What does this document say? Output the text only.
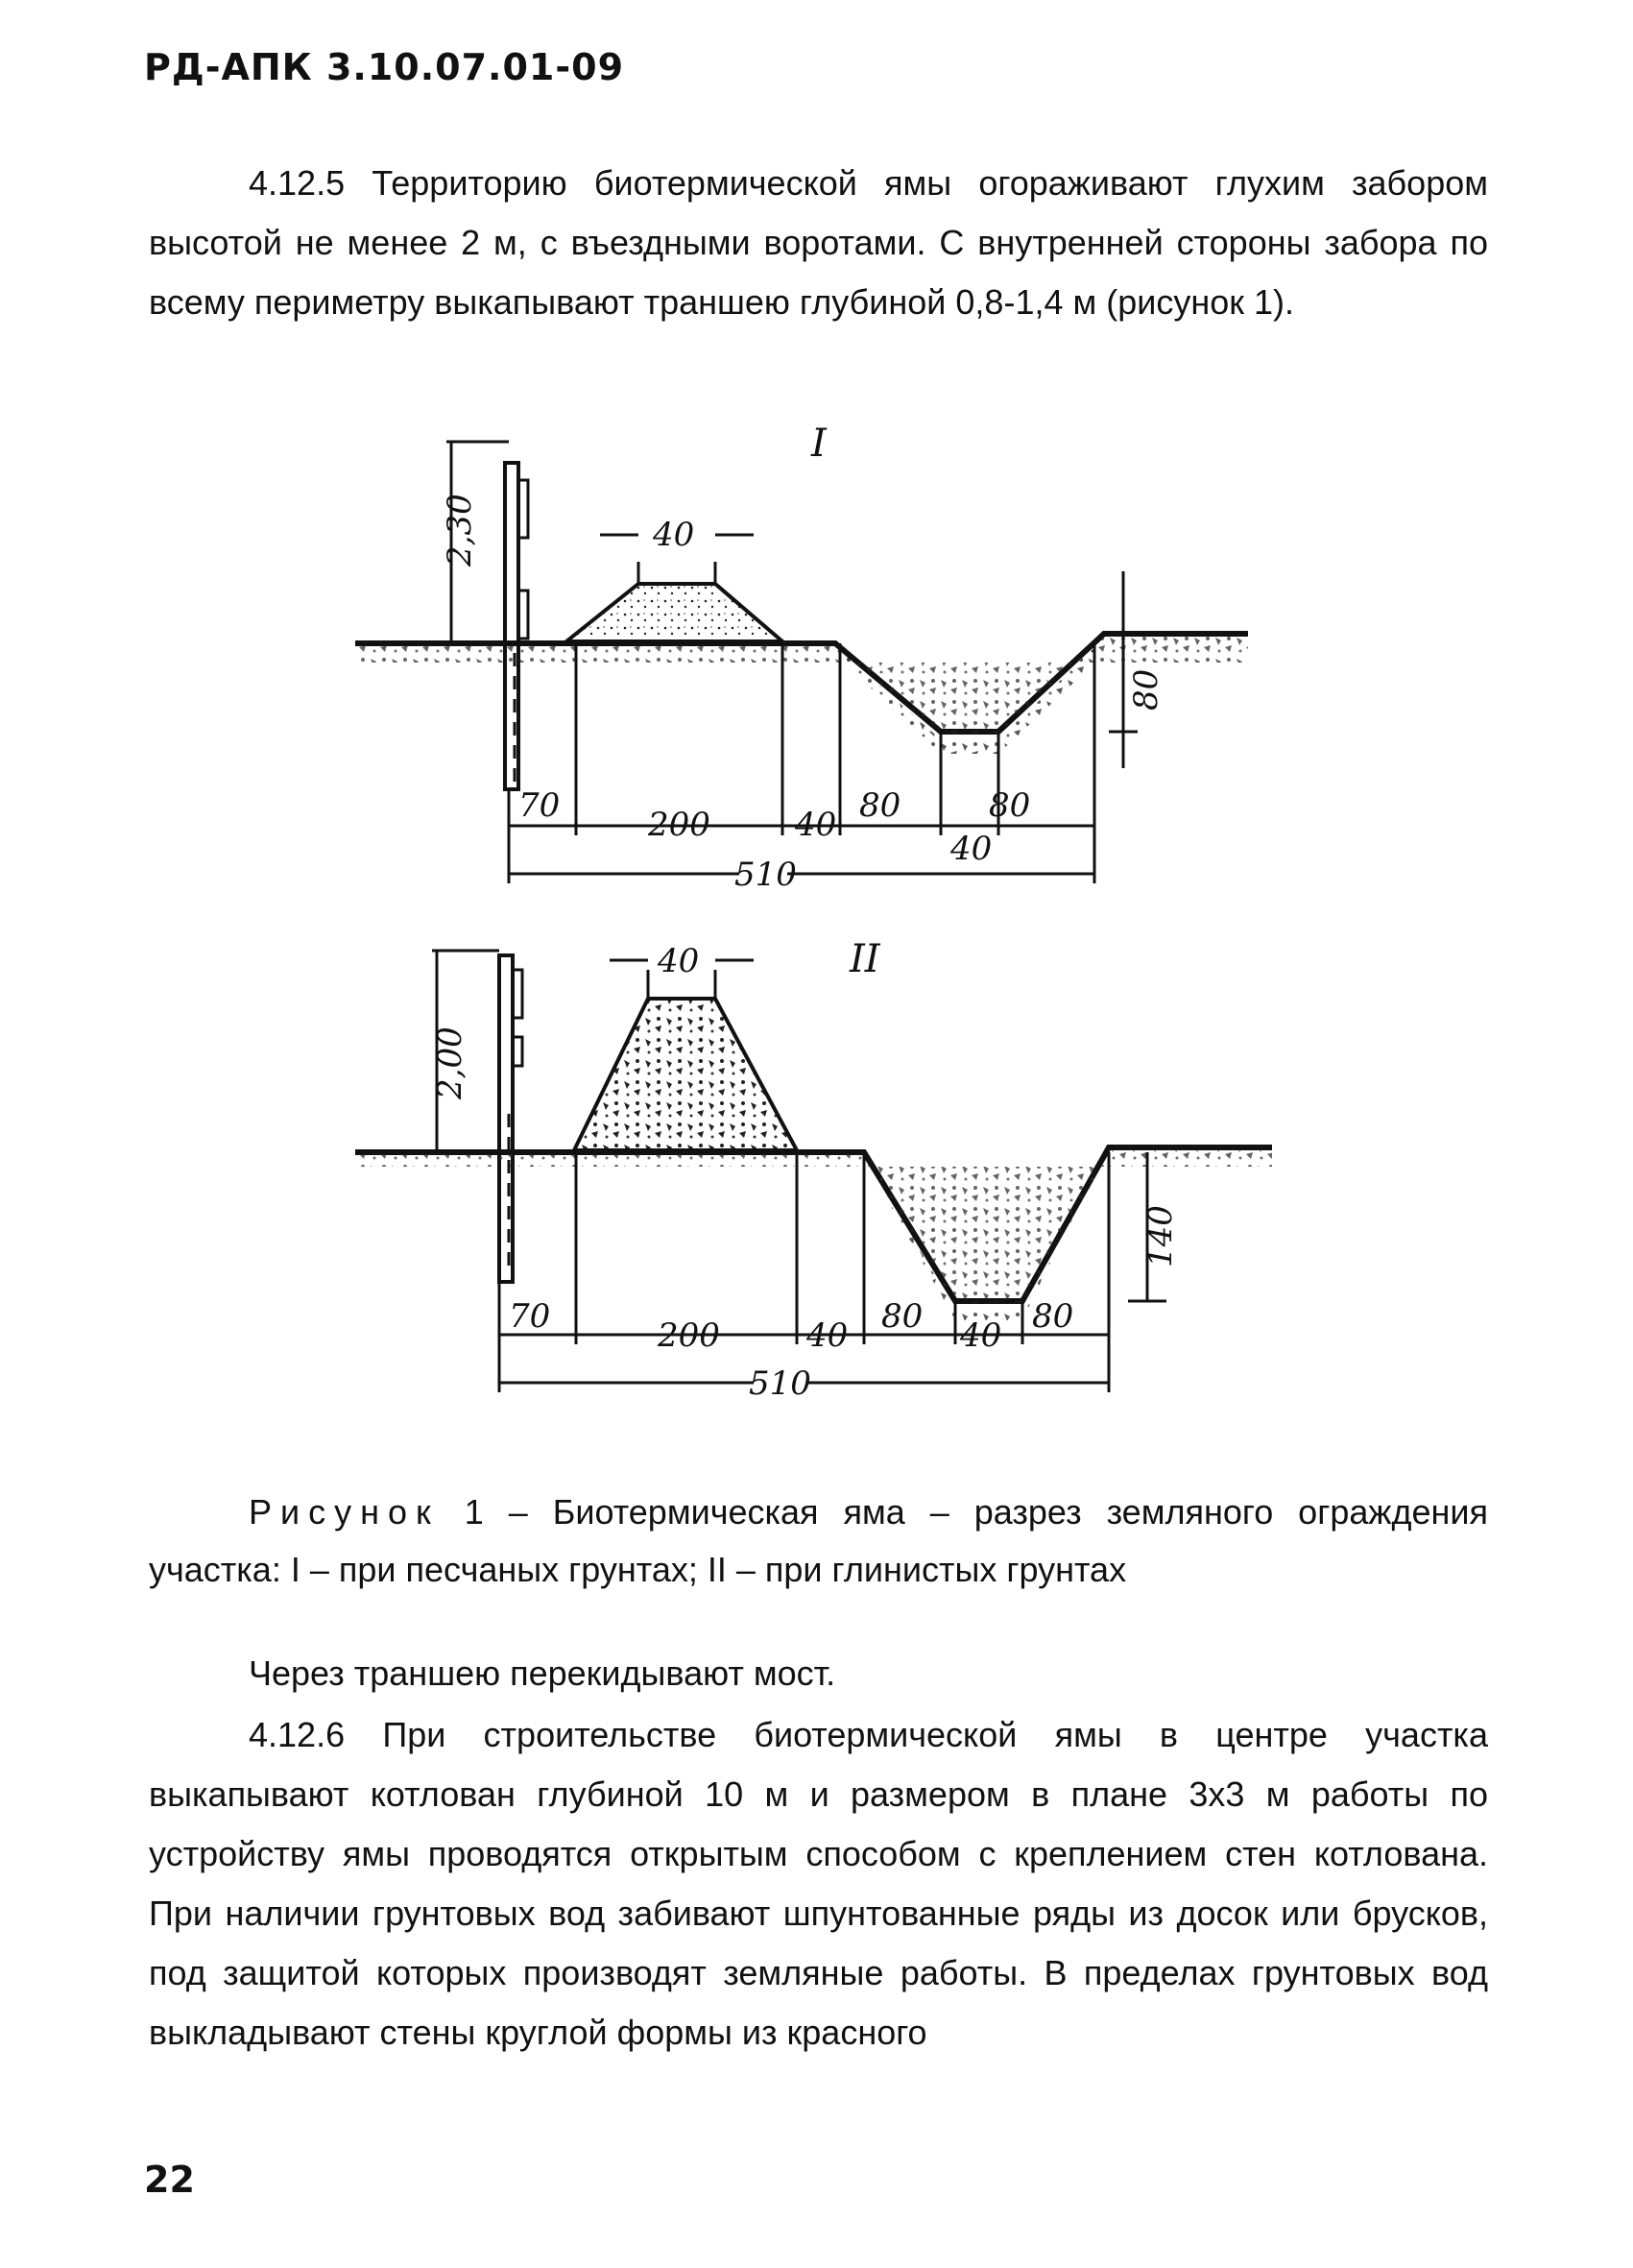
РД-АПК 3.10.07.01-09
4.12.5 Территорию биотермической ямы огораживают глухим забором высотой не менее 2 м, с въездными воротами. С внутренней стороны забора по всему периметру выкапывают траншею глубиной 0,8-1,4 м (рисунок 1).
I
2,30	40
80
70	200	40 80	80
40
510
II
2,00
40
140
70	200	40 80 40 80
510
Рисунок 1 – Биотермическая яма – разрез земляного ограждения участка: I – при песчаных грунтах; II – при глинистых грунтах
Через траншею перекидывают мост.
4.12.6 При строительстве биотермической ямы в центре участка выкапывают котлован глубиной 10 м и размером в плане 3x3 м работы по устройству ямы проводятся открытым способом с креплением стен котлована. При наличии грунтовых вод забивают шпунтованные ряды из досок или брусков, под защитой которых производят земляные работы. В пределах грунтовых вод выкладывают стены круглой формы из красного
22
